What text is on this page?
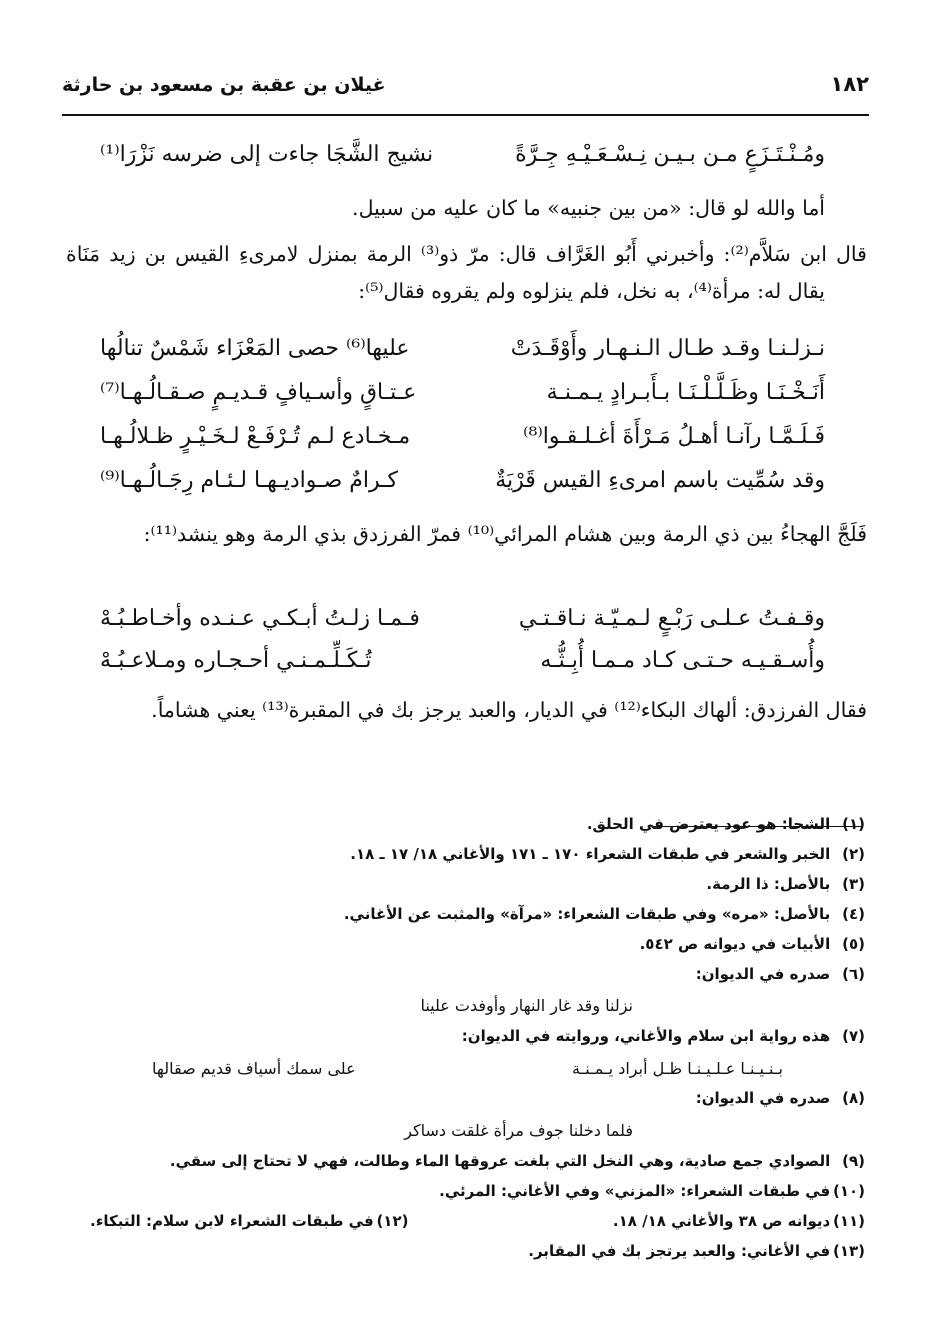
١٨٢
غيلان بن عقبة بن مسعود بن حارثة
ومُـنْـتَـزَعٍ مـن بـيـن نِـسْـعَـيْـهِ جِـرَّةً
نشيج الشَّجَا جاءت إلى ضرسه نَزْرَا⁽¹⁾
أما والله لو قال: «من بين جنبيه» ما كان عليه من سبيل.
قال ابن سَلاَّم⁽²⁾: وأخبرني أَبُو الغَرَّاف قال: مرّ ذو⁽³⁾ الرمة بمنزل لامرىءِ القيس بن زيد مَنَاة يقال له: مرأة⁽⁴⁾، به نخل، فلم ينزلوه ولم يقروه فقال⁽⁵⁾:
نـزلـنـا وقـد طـال الـنـهـار وأَوْقَـدَتْ
عليها⁽⁶⁾ حصى المَعْزَاء شَمْسٌ تنالُها
أَنَـخْـنَـا وظَـلَّـلْـنَـا بـأَبـرادٍ يـمـنـة
عـتـاقٍ وأسـيافٍ قـديـمٍ صـقـالُـهـا⁽⁷⁾
فَـلَـمَّـا رآنـا أهـلُ مَـرْأَةَ أغـلـقـوا⁽⁸⁾
مـخـادع لـم تُـرْفَـعْ لـخَـيْـرٍ ظـلالُـهـا
وقد سُمِّيت باسم امرىءِ القيس قَرْيَةٌ
كـرامٌ صـواديـهـا لـئـام رِجَـالُـهـا⁽⁹⁾
فَلَجَّ الهجاءُ بين ذي الرمة وبين هشام المرائي⁽¹⁰⁾ فمرّ الفرزدق بذي الرمة وهو ينشد⁽¹¹⁾:
وقـفـتُ عـلـى رَبْـعٍ لـمـيّـة نـاقـتـي
فـمـا زلـتُ أبـكـي عـنـده وأخـاطـبُـهْ
وأُسـقـيـه حـتـى كـاد مـمـا أُبِـثُّـه
تُـكَـلِّـمـنـي أحـجـاره ومـلاعـبُـهْ
فقال الفرزدق: ألهاك البكاء⁽¹²⁾ في الديار، والعبد يرجز بك في المقبرة⁽¹³⁾ يعني هشاماً.
(١) الشجا: هو عود يعترض في الحلق.
(٢) الخبر والشعر في طبقات الشعراء ١٧٠ ـ ١٧١ والأغاني ١٨/ ١٧ ـ ١٨.
(٣) بالأصل: ذا الرمة.
(٤) بالأصل: «مره» وفي طبقات الشعراء: «مرآة» والمثبت عن الأغاني.
(٥) الأبيات في ديوانه ص ٥٤٢.
(٦) صدره في الديوان:
نزلنا وقد غار النهار وأوفدت علينا
(٧) هذه رواية ابن سلام والأغاني، وروايته في الديوان:
بـنـيـنـا عـلـيـنـا ظـل أبراد يـمـنـة
على سمك أسياف قديم صقالها
(٨) صدره في الديوان:
فلما دخلنا جوف مرأة غلقت دساكر
(٩) الصوادي جمع صادية، وهي النخل التي بلغت عروقها الماء وطالت، فهي لا تحتاج إلى سقي.
(١٠) في طبقات الشعراء: «المزني» وفي الأغاني: المرئي.
(١١) ديوانه ص ٣٨ والأغاني ١٨/ ١٨.
(١٢) في طبقات الشعراء لابن سلام: التبكاء.
(١٣) في الأغاني: والعبد يرتجز بك في المقابر.
